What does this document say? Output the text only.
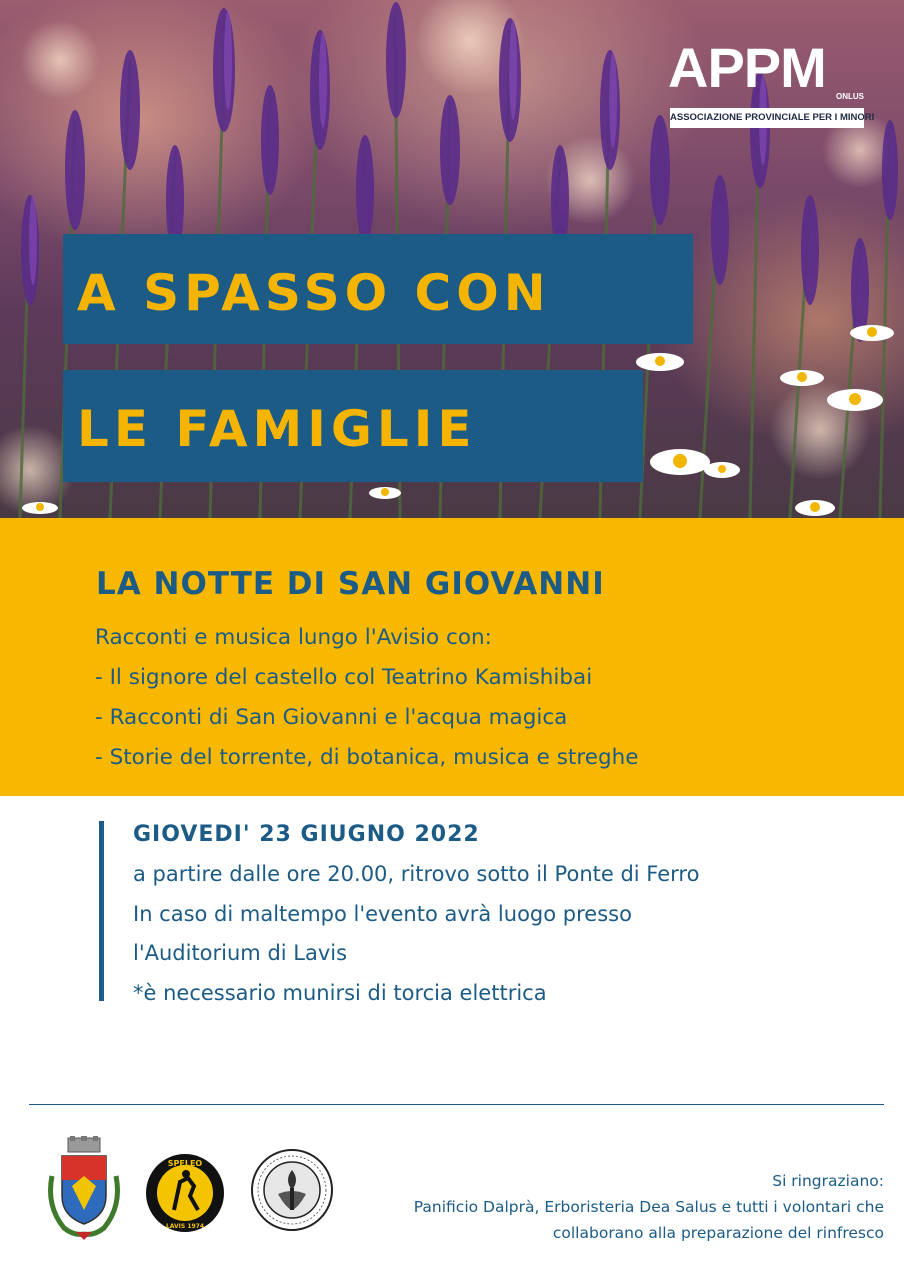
APPM ONLUS
ASSOCIAZIONE PROVINCIALE PER I MINORI
A SPASSO CON
LE FAMIGLIE
LA NOTTE DI SAN GIOVANNI
Racconti e musica lungo l'Avisio con:
- Il signore del castello col Teatrino Kamishibai
- Racconti di San Giovanni e l'acqua magica
- Storie del torrente, di botanica, musica e streghe
GIOVEDI' 23 GIUGNO 2022
a partire dalle ore 20.00, ritrovo sotto il Ponte di Ferro
In caso di maltempo l'evento avrà luogo presso
l'Auditorium di Lavis
*è necessario munirsi di torcia elettrica
SPELEO
LAVIS 1974
Si ringraziano:
Panificio Dalprà, Erboristeria Dea Salus e tutti i volontari che
collaborano alla preparazione del rinfresco
